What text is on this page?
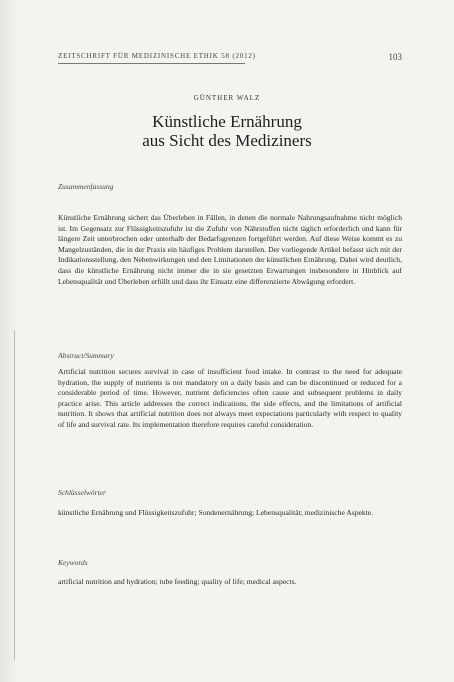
ZEITSCHRIFT FÜR MEDIZINISCHE ETHIK 58 (2012)	103
GÜNTHER WALZ
Künstliche Ernährung
aus Sicht des Mediziners
Zusammenfassung

Künstliche Ernährung sichert das Überleben in Fällen, in denen die normale Nahrungsaufnahme nicht möglich ist. Im Gegensatz zur Flüssigkeitszufuhr ist die Zufuhr von Nährstoffen nicht täglich erforderlich und kann für längere Zeit unterbrochen oder unterhalb der Bedarfsgrenzen fortgeführt werden. Auf diese Weise kommt es zu Mangelzuständen, die in der Praxis ein häufiges Problem darstellen. Der vorliegende Artikel befasst sich mit der Indikationsstellung, den Nebenwirkungen und den Limitationen der künstlichen Ernährung. Dabei wird deutlich, dass die künstliche Ernährung nicht immer die in sie gesetzten Erwartungen insbesondere in Hinblick auf Lebensqualität und Überleben erfüllt und dass ihr Einsatz eine differenzierte Abwägung erfordert.

Abstract/Summary

Artificial nutrition secures survival in case of insufficient food intake. In contrast to the need for adequate hydration, the supply of nutrients is not mandatory on a daily basis and can be discontinued or reduced for a considerable period of time. However, nutrient deficiencies often cause and subsequent problems in daily practice arise. This article addresses the correct indications, the side effects, and the limitations of artificial nutrition. It shows that artificial nutrition does not always meet expectations particularly with respect to quality of life and survival rate. Its implementation therefore requires careful consideration.

Schlüsselwörter

künstliche Ernährung und Flüssigkeitszufuhr; Sondenernährung; Lebensqualität; medizinische Aspekte.

Keywords

artificial nutrition and hydration; tube feeding; quality of life; medical aspects.
